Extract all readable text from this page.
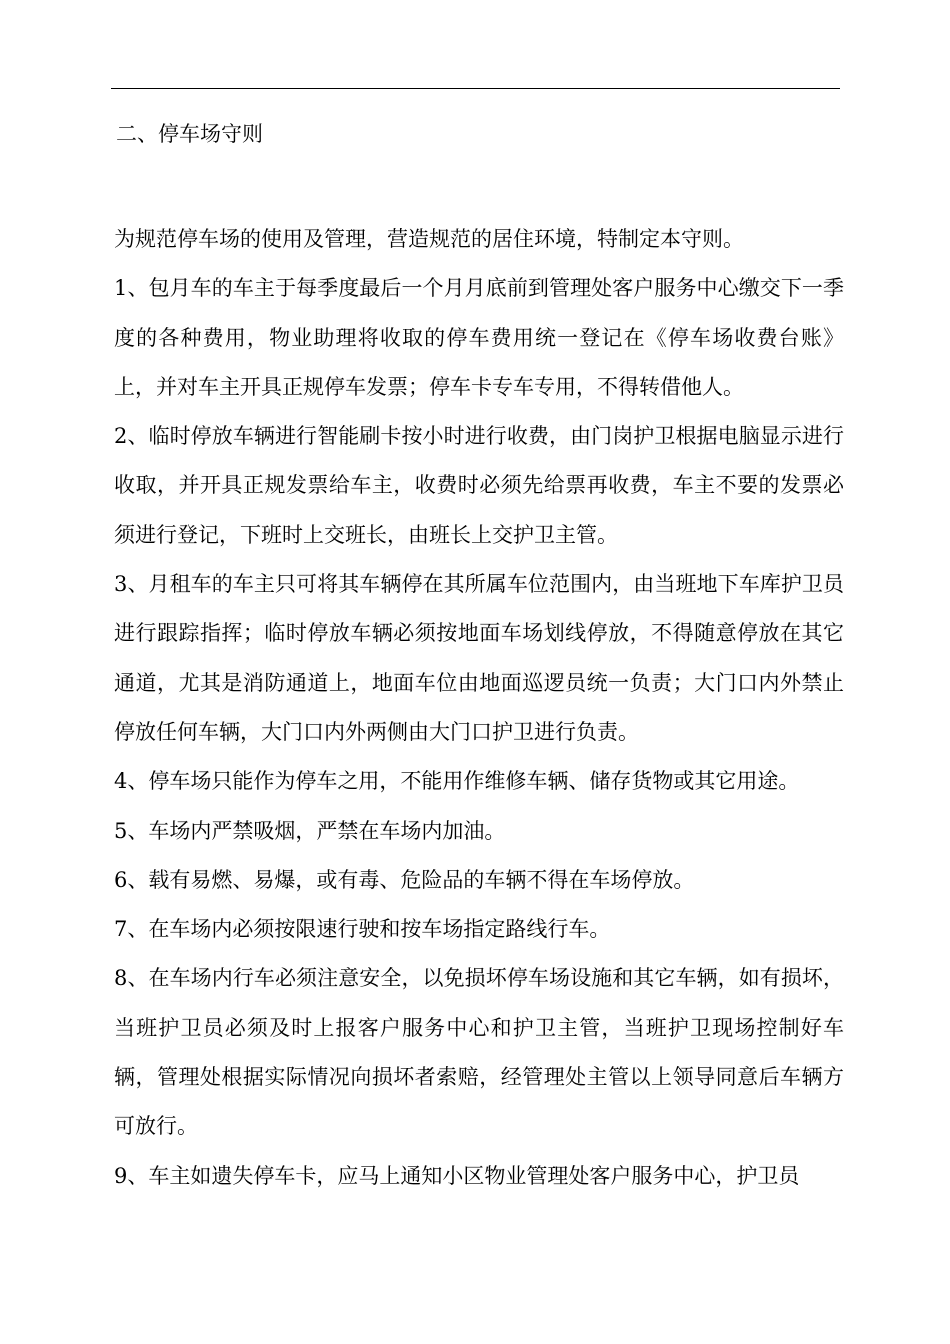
二、停车场守则

为规范停车场的使用及管理，营造规范的居住环境，特制定本守则。

1、包月车的车主于每季度最后一个月月底前到管理处客户服务中心缴交下一季度的各种费用，物业助理将收取的停车费用统一登记在《停车场收费台账》上，并对车主开具正规停车发票；停车卡专车专用，不得转借他人。

2、临时停放车辆进行智能刷卡按小时进行收费，由门岗护卫根据电脑显示进行收取，并开具正规发票给车主，收费时必须先给票再收费，车主不要的发票必须进行登记，下班时上交班长，由班长上交护卫主管。

3、月租车的车主只可将其车辆停在其所属车位范围内，由当班地下车库护卫员进行跟踪指挥；临时停放车辆必须按地面车场划线停放，不得随意停放在其它通道，尤其是消防通道上，地面车位由地面巡逻员统一负责；大门口内外禁止停放任何车辆，大门口内外两侧由大门口护卫进行负责。

4、停车场只能作为停车之用，不能用作维修车辆、储存货物或其它用途。

5、车场内严禁吸烟，严禁在车场内加油。

6、载有易燃、易爆，或有毒、危险品的车辆不得在车场停放。

7、在车场内必须按限速行驶和按车场指定路线行车。

8、在车场内行车必须注意安全，以免损坏停车场设施和其它车辆，如有损坏，当班护卫员必须及时上报客户服务中心和护卫主管，当班护卫现场控制好车辆，管理处根据实际情况向损坏者索赔，经管理处主管以上领导同意后车辆方可放行。

9、车主如遗失停车卡，应马上通知小区物业管理处客户服务中心，护卫员
